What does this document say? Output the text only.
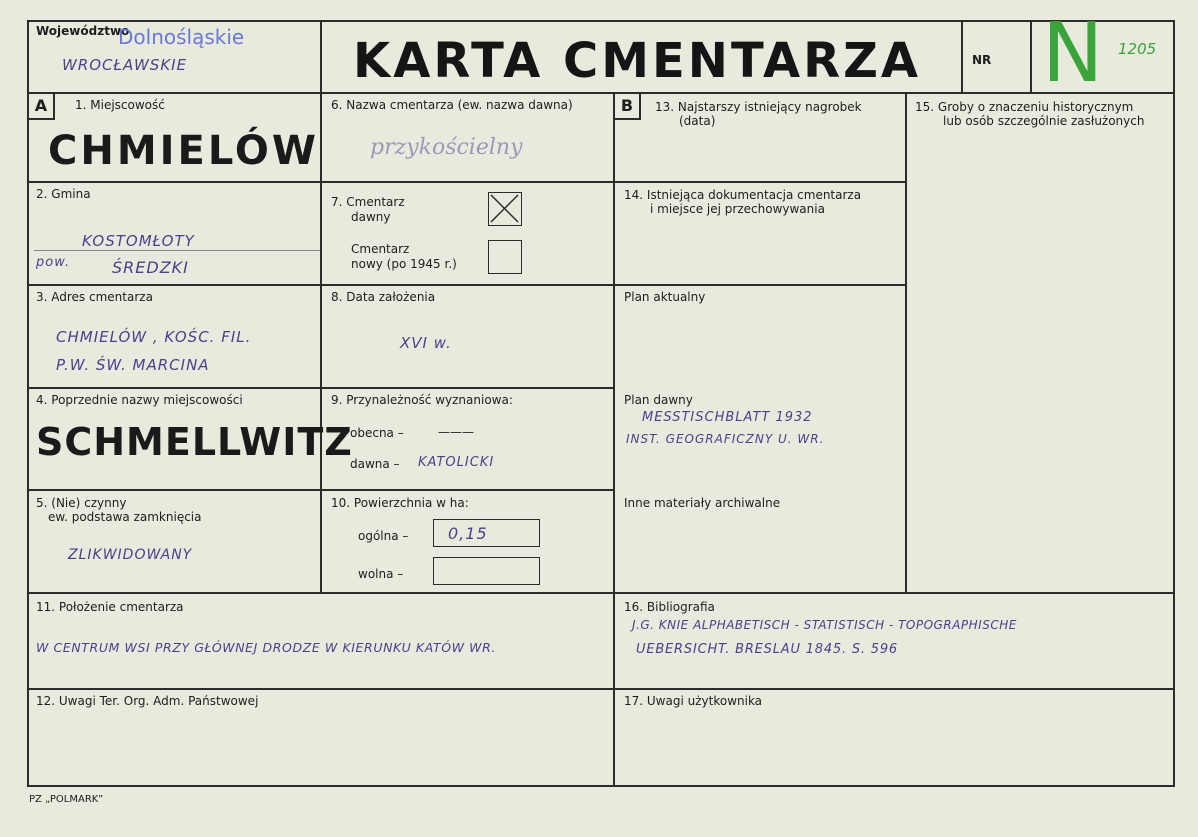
Województwo
Dolnośląskie
WROCŁAWSKIE	KARTA CMENTARZA	NR N 1205
A	B
1. Miejscowość
CHMIELÓW
2. Gmina
KOSTOMŁOTY
pow.	ŚREDZKI
3. Adres cmentarza
CHMIELÓW , KOŚC. FIL.
P.W. ŚW. MARCINA
4. Poprzednie nazwy miejscowości
SCHMELLWITZ
5. (Nie) czynny
ew. podstawa zamknięcia
ZLIKWIDOWANY
6. Nazwa cmentarza (ew. nazwa dawna)
przykościelny
7. Cmentarz
dawny
Cmentarz
nowy (po 1945 r.)
8. Data założenia
XVI w.
9. Przynależność wyznaniowa:
obecna –	———
dawna – KATOLICKI
10. Powierzchnia w ha:
ogólna – 0,15
wolna –
11. Położenie cmentarza
W CENTRUM WSI PRZY GŁÓWNEJ DRODZE W KIERUNKU KATÓW WR.
12. Uwagi Ter. Org. Adm. Państwowej
13. Najstarszy istniejący nagrobek
(data)
14. Istniejąca dokumentacja cmentarza
i miejsce jej przechowywania
Plan aktualny
Plan dawny
MESSTISCHBLATT 1932
INST. GEOGRAFICZNY U. WR.
Inne materiały archiwalne
15. Groby o znaczeniu historycznym
lub osób szczególnie zasłużonych
16. Bibliografia
J.G. KNIE ALPHABETISCH - STATISTISCH - TOPOGRAPHISCHE
UEBERSICHT. BRESLAU 1845. S. 596
17. Uwagi użytkownika
PZ „POLMARK”
